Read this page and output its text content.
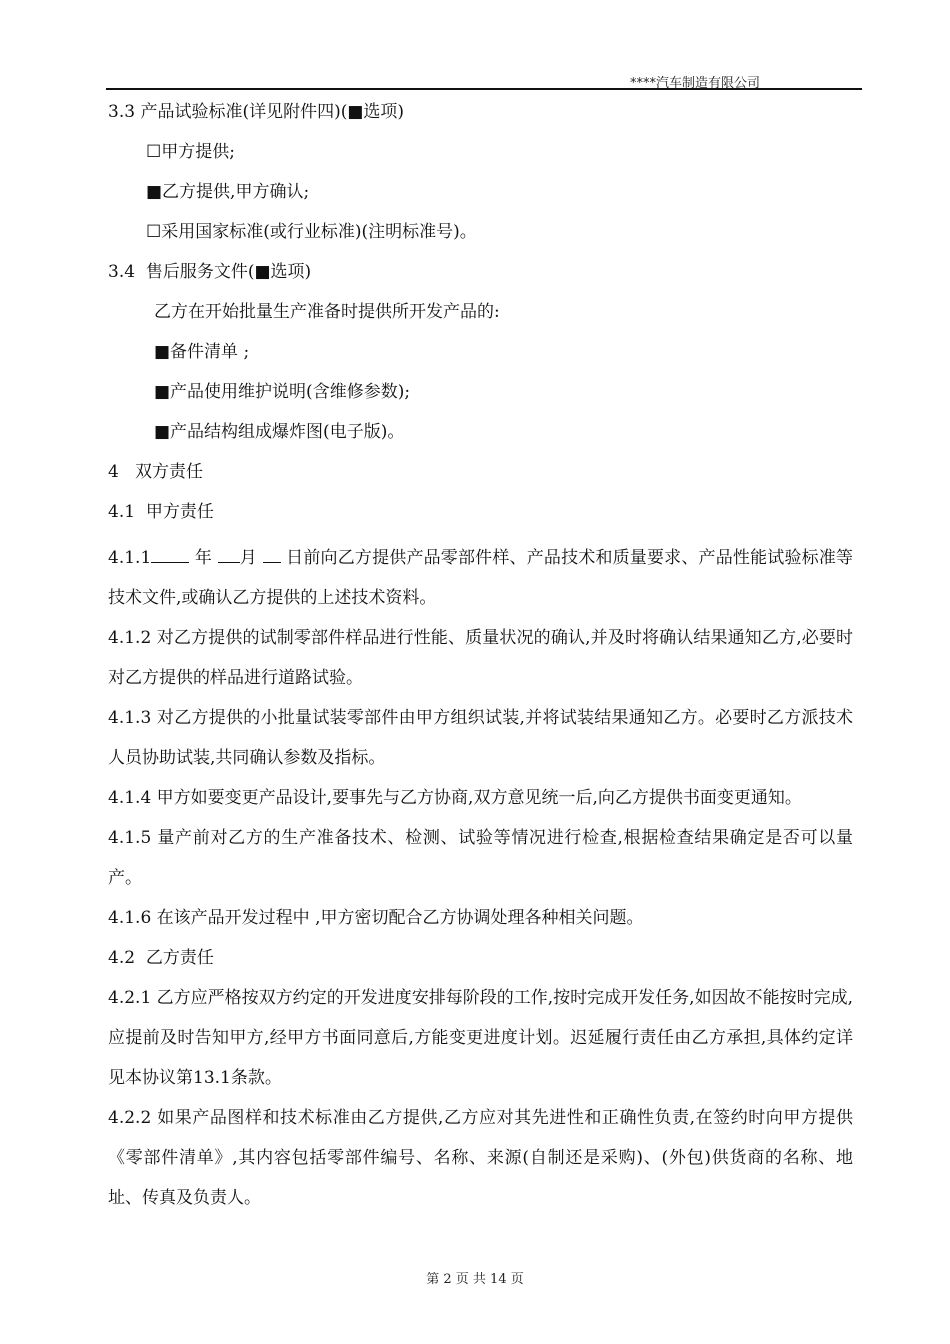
****汽车制造有限公司
3.3 产品试验标准(详见附件四)(■选项)
☐甲方提供;
■乙方提供,甲方确认;
☐采用国家标准(或行业标准)(注明标准号)。
3.4  售后服务文件(■选项)
乙方在开始批量生产准备时提供所开发产品的:
■备件清单 ;
■产品使用维护说明(含维修参数);
■产品结构组成爆炸图(电子版)。
4   双方责任
4.1  甲方责任

4.1.1 年 月  日前向乙方提供产品零部件样、产品技术和质量要求、产品性能试验标准等技术文件,或确认乙方提供的上述技术资料。

4.1.2 对乙方提供的试制零部件样品进行性能、质量状况的确认,并及时将确认结果通知乙方,必要时对乙方提供的样品进行道路试验。

4.1.3 对乙方提供的小批量试装零部件由甲方组织试装,并将试装结果通知乙方。必要时乙方派技术人员协助试装,共同确认参数及指标。

4.1.4 甲方如要变更产品设计,要事先与乙方协商,双方意见统一后,向乙方提供书面变更通知。

4.1.5 量产前对乙方的生产准备技术、检测、试验等情况进行检查,根据检查结果确定是否可以量产。

4.1.6 在该产品开发过程中 ,甲方密切配合乙方协调处理各种相关问题。

4.2  乙方责任

4.2.1 乙方应严格按双方约定的开发进度安排每阶段的工作,按时完成开发任务,如因故不能按时完成,应提前及时告知甲方,经甲方书面同意后,方能变更进度计划。迟延履行责任由乙方承担,具体约定详见本协议第13.1条款。

4.2.2 如果产品图样和技术标准由乙方提供,乙方应对其先进性和正确性负责,在签约时向甲方提供《零部件清单》,其内容包括零部件编号、名称、来源(自制还是采购)、(外包)供货商的名称、地址、传真及负责人。

第 2 页 共 14 页
